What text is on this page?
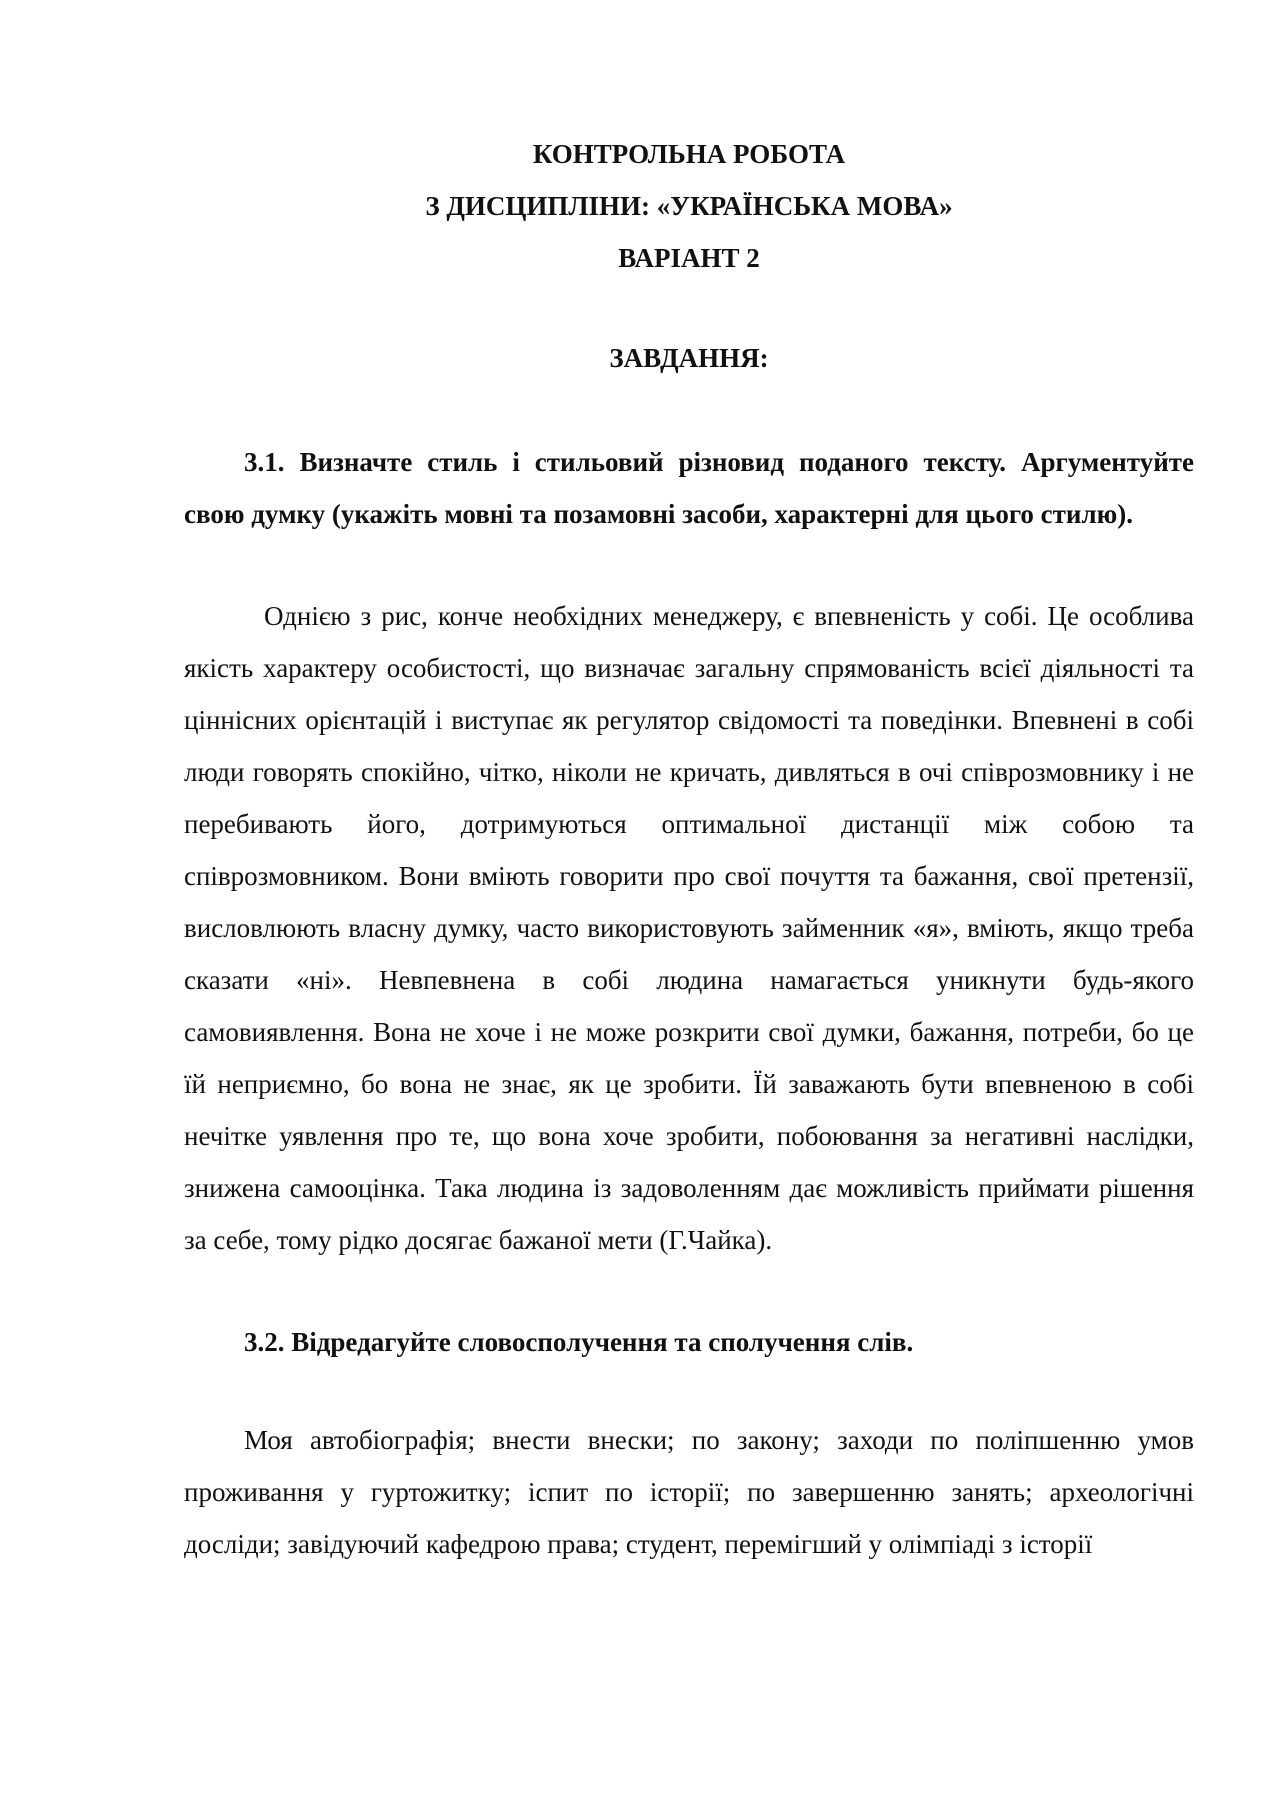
КОНТРОЛЬНА РОБОТА

З ДИСЦИПЛІНИ: «УКРАЇНСЬКА МОВА»

ВАРІАНТ 2

ЗАВДАННЯ:

3.1. Визначте стиль і стильовий різновид поданого тексту. Аргументуйте свою думку (укажіть мовні та позамовні засоби, характерні для цього стилю).

Однією з рис, конче необхідних менеджеру, є впевненість у собі. Це особлива якість характеру особистості, що визначає загальну спрямованість всієї діяльності та ціннісних орієнтацій і виступає як регулятор свідомості та поведінки. Впевнені в собі люди говорять спокійно, чітко, ніколи не кричать, дивляться в очі співрозмовнику і не перебивають його, дотримуються оптимальної дистанції між собою та співрозмовником. Вони вміють говорити про свої почуття та бажання, свої претензії, висловлюють власну думку, часто використовують займенник «я», вміють, якщо треба сказати «ні». Невпевнена в собі людина намагається уникнути будь-якого самовиявлення. Вона не хоче і не може розкрити свої думки, бажання, потреби, бо це їй неприємно, бо вона не знає, як це зробити. Їй заважають бути впевненою в собі нечітке уявлення про те, що вона хоче зробити, побоювання за негативні наслідки, знижена самооцінка. Така людина із задоволенням дає можливість приймати рішення за себе, тому рідко досягає бажаної мети (Г.Чайка).

3.2. Відредагуйте словосполучення та сполучення слів.

Моя автобіографія; внести внески; по закону; заходи по поліпшенню умов проживання у гуртожитку; іспит по історії; по завершенню занять; археологічні досліди; завідуючий кафедрою права; студент, перемігший у олімпіаді з історії
